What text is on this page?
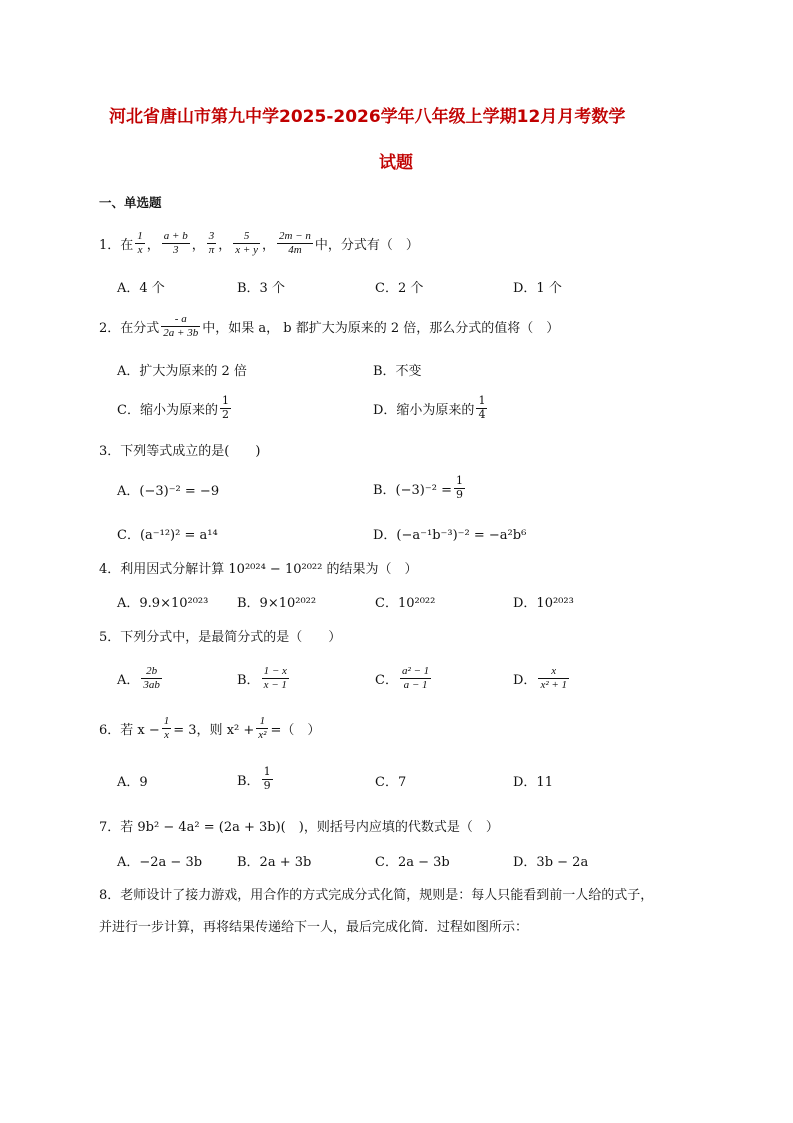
河北省唐山市第九中学2025-2026学年八年级上学期12月月考数学
试题
一、单选题
1．在 $\frac{1}{x}$ ， $\frac{a + b}{3}$ ， $\frac{3}{\pi}$ ， $\frac{5}{x + y}$ ， $\frac{2m - n}{4m}$ 中，分式有（　）
A．4 个	B．3 个	C．2 个	D．1 个
2．在分式 $\frac{- a}{2a + 3b}$ 中，如果 a， b 都扩大为原来的 2 倍，那么分式的值将（　）
A．扩大为原来的 2 倍	B．不变
C．缩小为原来的 $\frac{1}{2}$	D．缩小为原来的 $\frac{1}{4}$
3．下列等式成立的是(　　)
A．(−3)⁻² = −9	B．$(-3)^{-2} = \frac{1}{9}$
C．(a⁻¹²)² = a¹⁴	D．(−a⁻¹b⁻³)⁻² = −a²b⁶
4．利用因式分解计算 10²⁰²⁴ − 10²⁰²² 的结果为（　）
A．9.9×10²⁰²³ B．9×10²⁰²²	C．10²⁰²²	D．10²⁰²³
5．下列分式中，是最简分式的是（　　）
A． $\frac{2b}{3ab}$	B． $\frac{1 - x}{x - 1}$	C． $\frac{\text{a² − 1}}{a - 1}$	D． $\frac{x}{\text{x² + 1}}$
6．若 $x - \frac{1}{x} = 3$，则 $x^2 + \frac{1}{\text{x²}}$ =（　）
A．9	B． $\frac{1}{9}$	C．7	D．11
7．若 9b² − 4a² = (2a + 3b)(　)，则括号内应填的代数式是（　）
A．−2a − 3b	B．2a + 3b	C．2a − 3b	D．3b − 2a
8．老师设计了接力游戏，用合作的方式完成分式化简，规则是：每人只能看到前一人给的式子，
并进行一步计算，再将结果传递给下一人，最后完成化简．过程如图所示：
